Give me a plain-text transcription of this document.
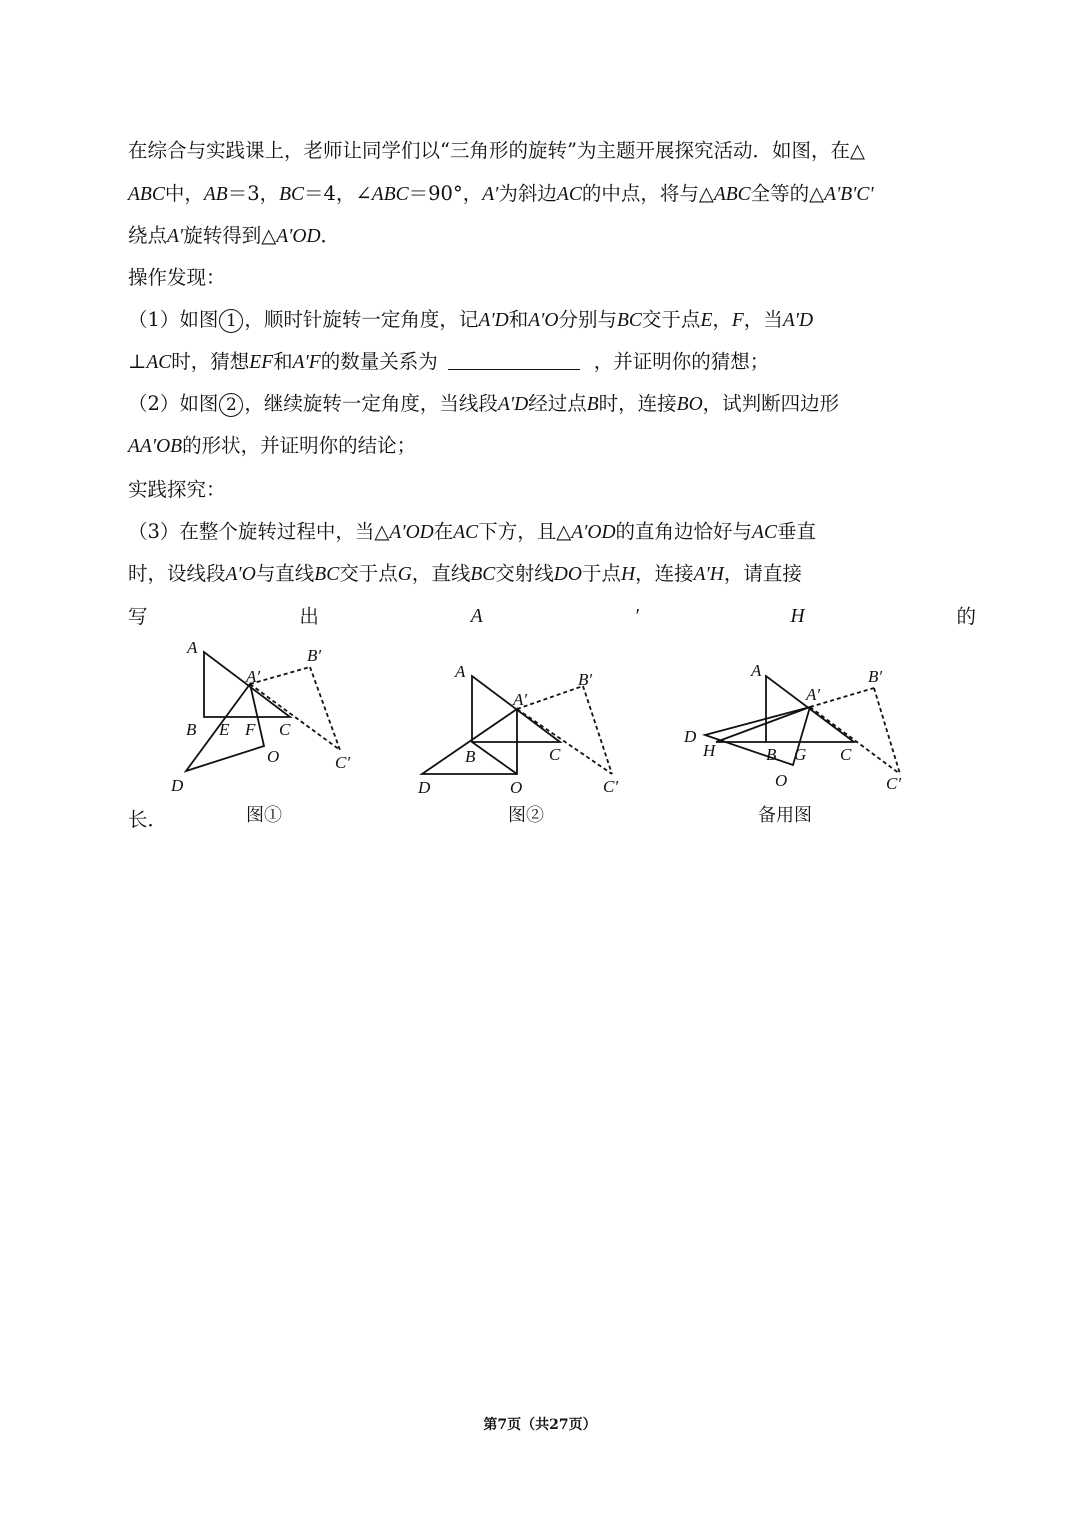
在综合与实践课上，老师让同学们以“三角形的旋转”为主题开展探究活动．如图，在△
ABC中，AB＝3，BC＝4，∠ABC＝90°，A′为斜边AC的中点，将与△ABC全等的△A'B'C'
绕点A′旋转得到△A′OD．
操作发现：
（1）如图 1 ，顺时针旋转一定角度，记A′D和A′O分别与BC交于点E，F，当A′D
⊥AC时，猜想EF和A′F的数量关系为	，并证明你的猜想；
（2）如图 2 ，继续旋转一定角度，当线段A′D经过点B时，连接BO，试判断四边形
AA′OB的形状，并证明你的结论；
实践探究：
（3）在整个旋转过程中，当△A′OD在AC下方，且△A′OD的直角边恰好与AC垂直
时，设线段A′O与直线BC交于点G，直线BC交射线DO于点H，连接A′H，请直接
写	出	A	′	H	的
长．
A
A′
B′
B E F C
O	C′
D
A
A′
B′
B	C
D	O	C′
A
A′
B′
D
H	B G C
O	C′
图①	图②	备用图
第7页（共27页）
